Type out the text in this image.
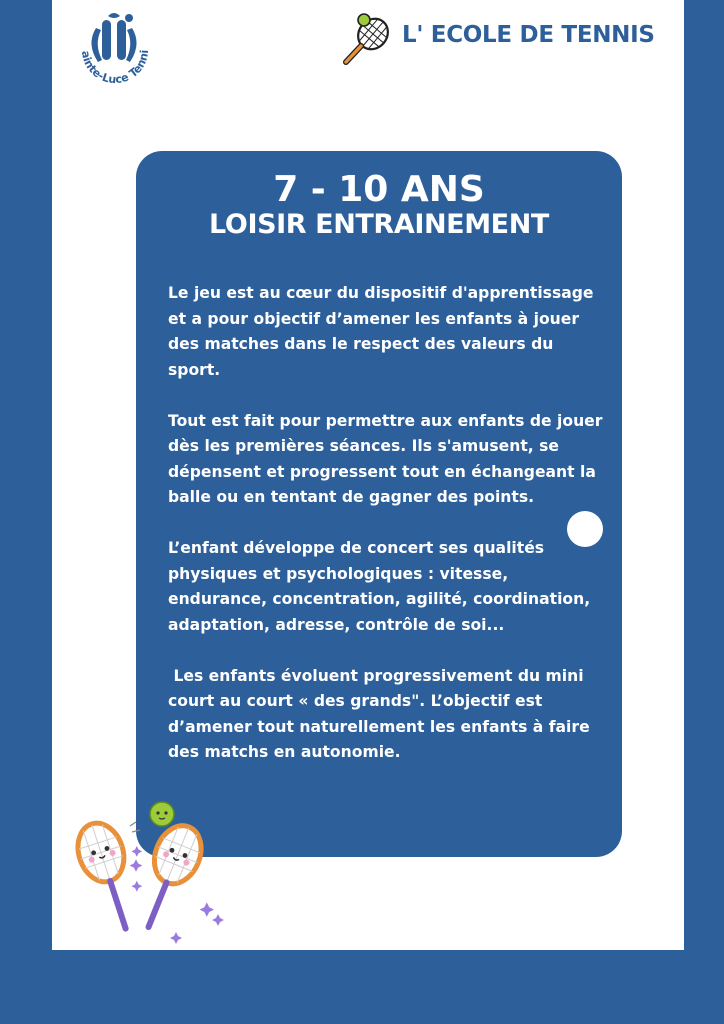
ainte-Luce Tenni
L' ECOLE DE TENNIS
7 - 10 ANS
LOISIR ENTRAINEMENT

Le jeu est au cœur du dispositif d'apprentissage et a pour objectif d’amener les enfants à jouer des matches dans le respect des valeurs du sport.

Tout est fait pour permettre aux enfants de jouer dès les premières séances. Ils s'amusent, se dépensent et progressent tout en échangeant la balle ou en tentant de gagner des points.

L’enfant développe de concert ses qualités physiques et psychologiques : vitesse, endurance, concentration, agilité, coordination, adaptation, adresse, contrôle de soi...

Les enfants évoluent progressivement du mini court au court « des grands". L’objectif est d’amener tout naturellement les enfants à faire des matchs en autonomie.
